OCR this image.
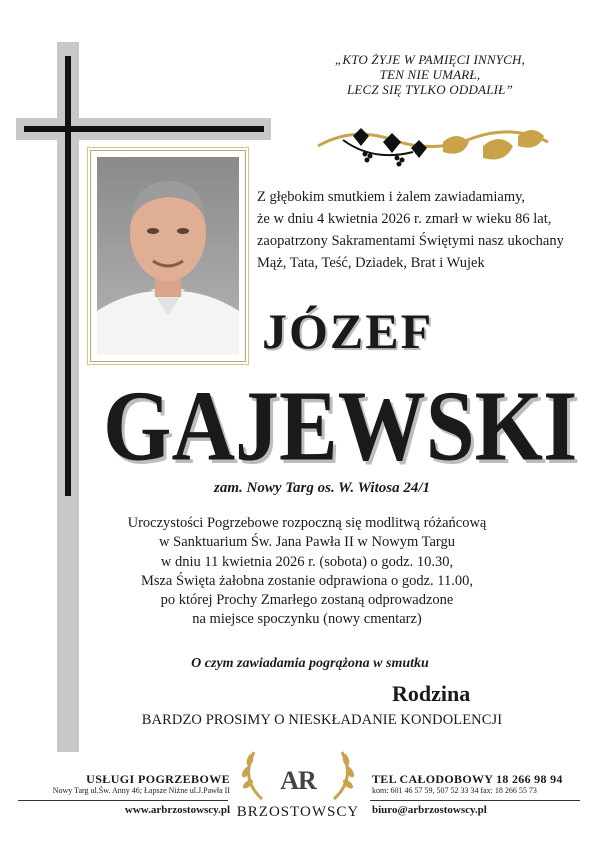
„KTO ŻYJE W PAMIĘCI INNYCH,
TEN NIE UMARŁ,
LECZ SIĘ TYLKO ODDALIŁ”
Z głębokim smutkiem i żalem zawiadamiamy,
że w dniu 4 kwietnia 2026 r. zmarł w wieku 86 lat,
zaopatrzony Sakramentami Świętymi nasz ukochany
Mąż, Tata, Teść, Dziadek, Brat i Wujek
JÓZEF
GAJEWSKI
zam. Nowy Targ os. W. Witosa 24/1
Uroczystości Pogrzebowe rozpoczną się modlitwą różańcową
w Sanktuarium Św. Jana Pawła II w Nowym Targu
w dniu 11 kwietnia 2026 r. (sobota) o godz. 10.30,
Msza Święta żałobna zostanie odprawiona o godz. 11.00,
po której Prochy Zmarłego zostaną odprowadzone
na miejsce spoczynku (nowy cmentarz)
O czym zawiadamia pogrążona w smutku
Rodzina
BARDZO PROSIMY O NIESKŁADANIE KONDOLENCJI
USŁUGI POGRZEBOWE
Nowy Targ ul.Św. Anny 46; Łapsze Niżne ul.J.Pawła II
www.arbrzostowscy.pl
AR
BRZOSTOWSCY
TEL CAŁODOBOWY 18 266 98 94
kom: 601 46 57 59, 507 52 33 34 fax: 18 266 55 73
biuro@arbrzostowscy.pl
